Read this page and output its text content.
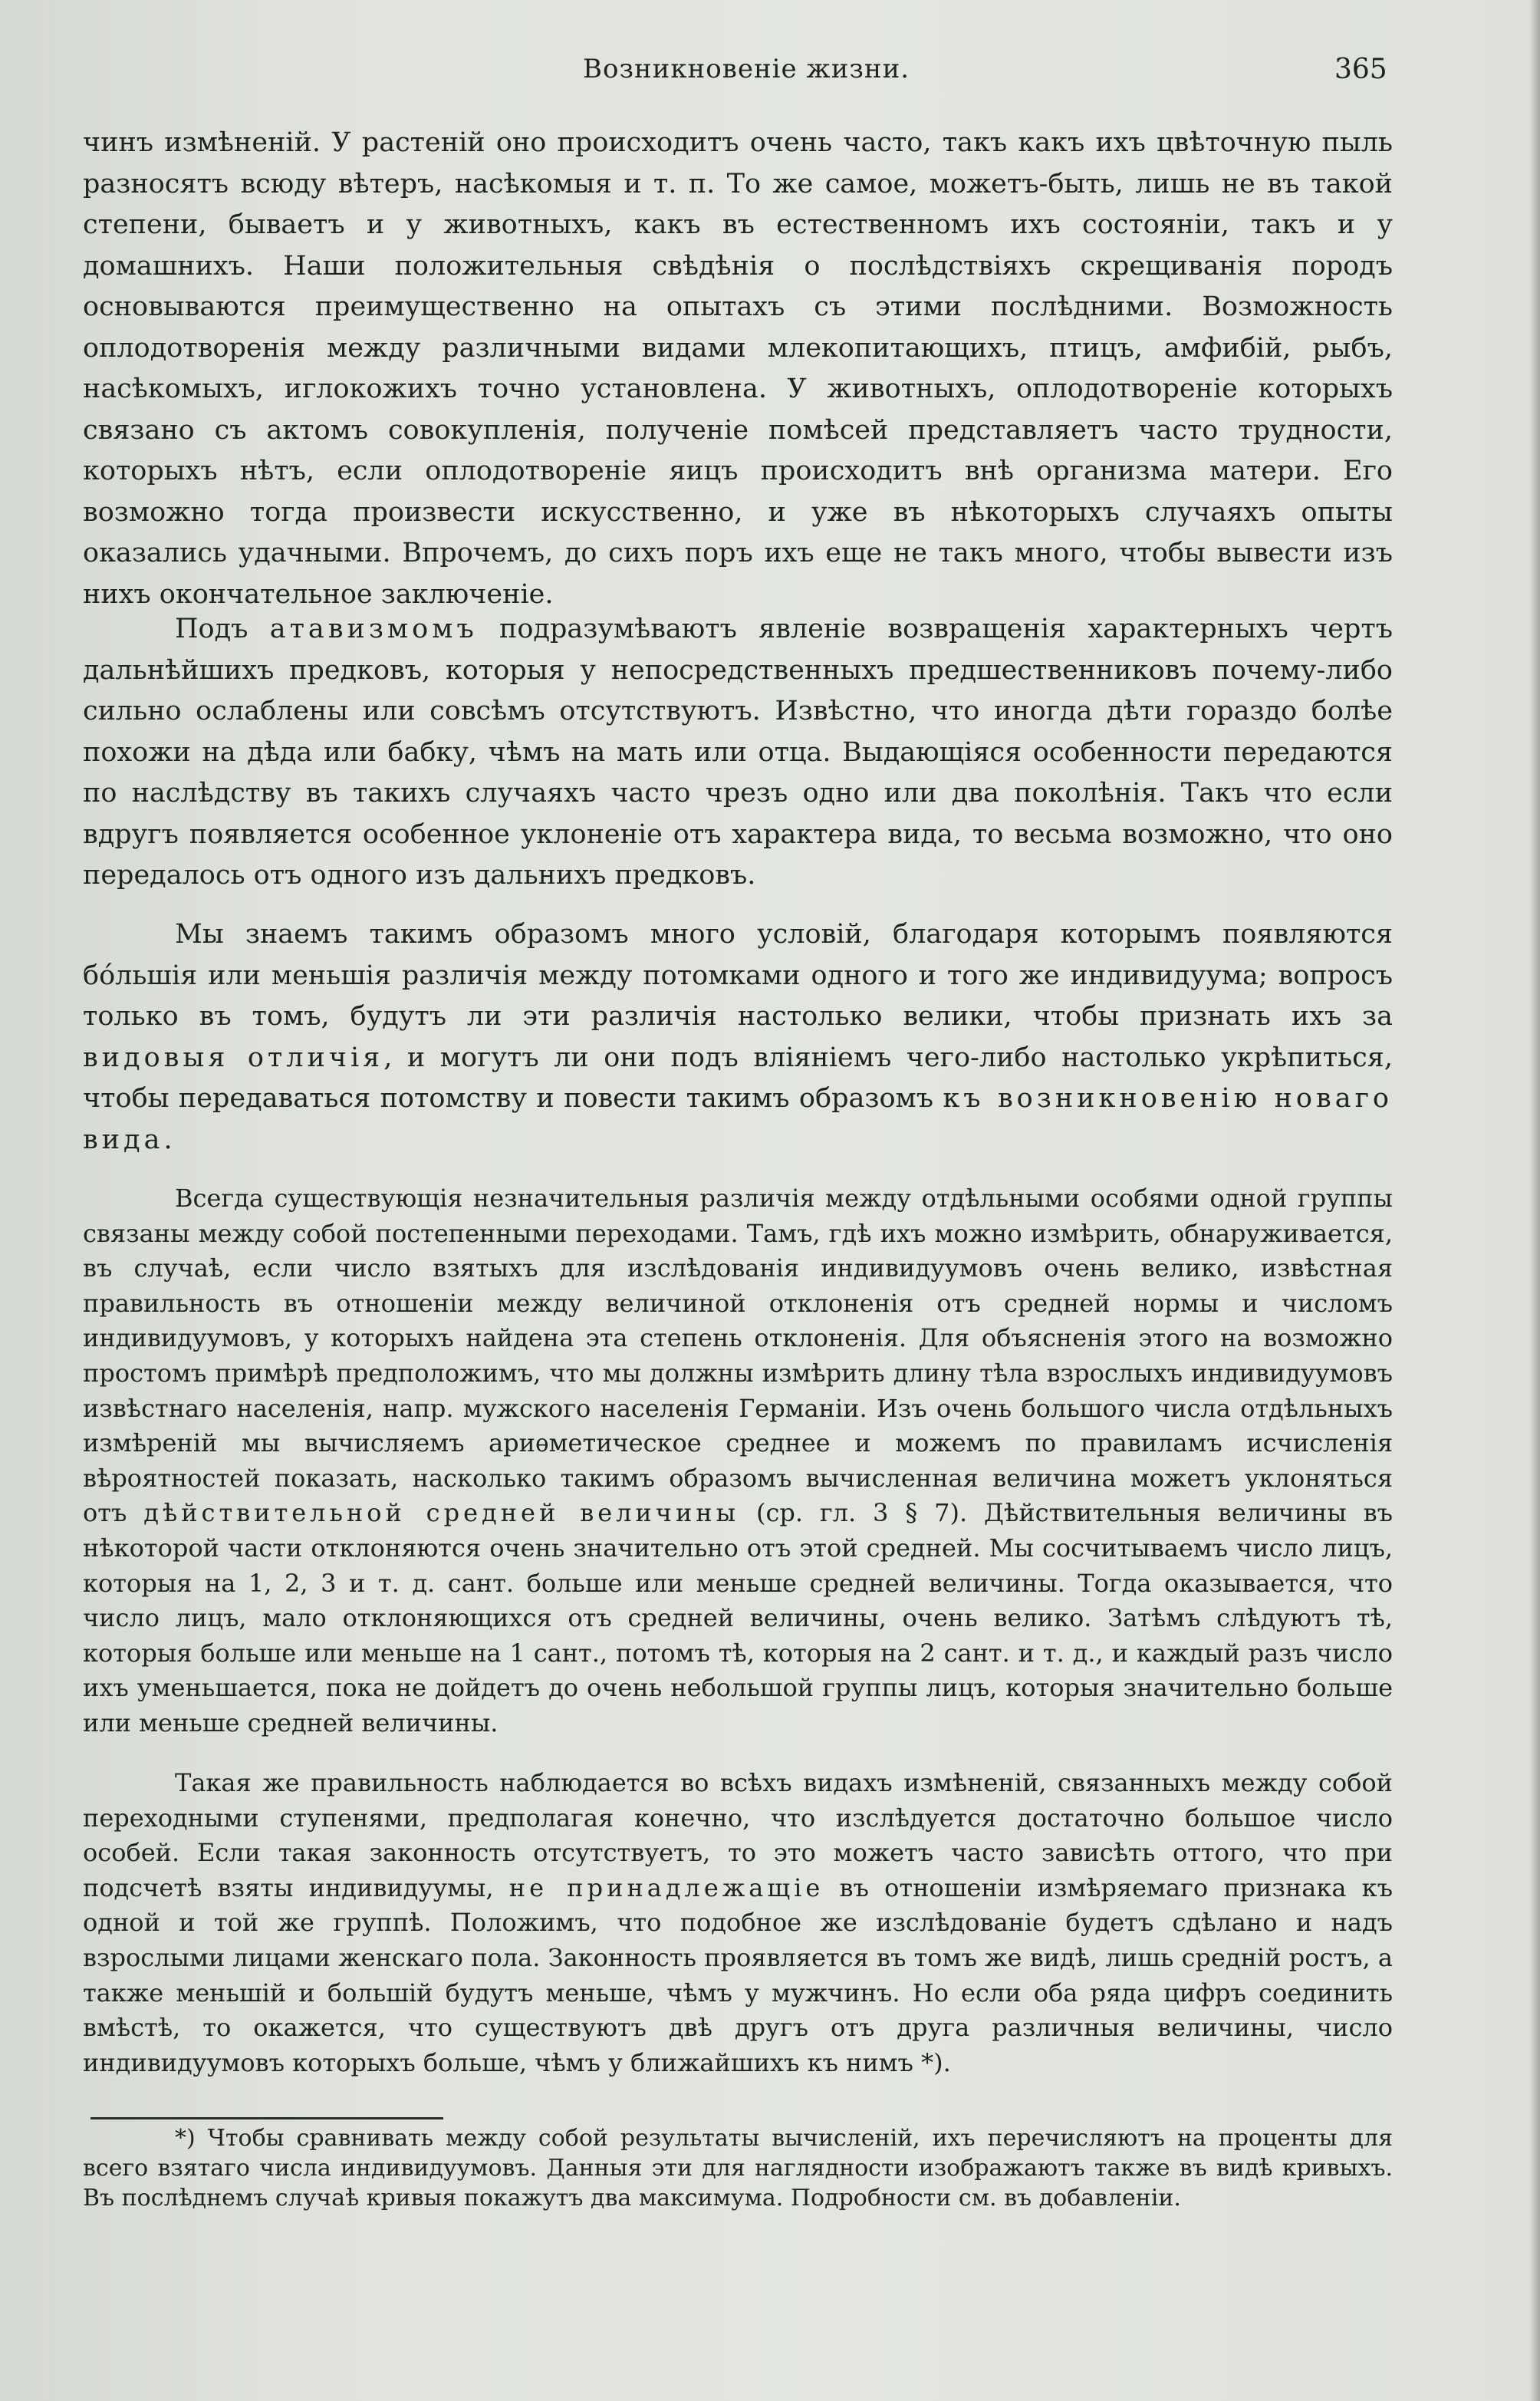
Возникновеніе жизни.	365

чинъ измѣненій. У растеній оно происходитъ очень часто, такъ какъ ихъ цвѣточную пыль разносятъ всюду вѣтеръ, насѣкомыя и т. п. То же самое, можетъ-быть, лишь не въ такой степени, бываетъ и у животныхъ, какъ въ естественномъ ихъ состояніи, такъ и у домашнихъ. Наши положительныя свѣдѣнія о послѣдствіяхъ скрещиванія породъ основываются преимущественно на опытахъ съ этими послѣдними. Возможность оплодотворенія между различными видами млекопитающихъ, птицъ, амфибій, рыбъ, насѣкомыхъ, иглокожихъ точно установлена. У животныхъ, оплодотвореніе которыхъ связано съ актомъ совокупленія, полученіе помѣсей представляетъ часто трудности, которыхъ нѣтъ, если оплодотвореніе яицъ происходитъ внѣ организма матери. Его возможно тогда произвести искусственно, и уже въ нѣкоторыхъ случаяхъ опыты оказались удачными. Впрочемъ, до сихъ поръ ихъ еще не такъ много, чтобы вывести изъ нихъ окончательное заключеніе.

Подъ атавизмомъ подразумѣваютъ явленіе возвращенія характерныхъ чертъ дальнѣйшихъ предковъ, которыя у непосредственныхъ предшественниковъ почему-либо сильно ослаблены или совсѣмъ отсутствуютъ. Извѣстно, что иногда дѣти гораздо болѣе похожи на дѣда или бабку, чѣмъ на мать или отца. Выдающіяся особенности передаются по наслѣдству въ такихъ случаяхъ часто чрезъ одно или два поколѣнія. Такъ что если вдругъ появляется особенное уклоненіе отъ характера вида, то весьма возможно, что оно передалось отъ одного изъ дальнихъ предковъ.

Мы знаемъ такимъ образомъ много условій, благодаря которымъ появляются бóльшія или меньшія различія между потомками одного и того же индивидуума; вопросъ только въ томъ, будутъ ли эти различія настолько велики, чтобы признать ихъ за видовыя отличія, и могутъ ли они подъ вліяніемъ чего-либо настолько укрѣпиться, чтобы передаваться потомству и повести такимъ образомъ къ возникновенію новаго вида.

Всегда существующія незначительныя различія между отдѣльными особями одной группы связаны между собой постепенными переходами. Тамъ, гдѣ ихъ можно измѣрить, обнаруживается, въ случаѣ, если число взятыхъ для изслѣдованія индивидуумовъ очень велико, извѣстная правильность въ отношеніи между величиной отклоненія отъ средней нормы и числомъ индивидуумовъ, у которыхъ найдена эта степень отклоненія. Для объясненія этого на возможно простомъ примѣрѣ предположимъ, что мы должны измѣрить длину тѣла взрослыхъ индивидуумовъ извѣстнаго населенія, напр. мужского населенія Германіи. Изъ очень большого числа отдѣльныхъ измѣреній мы вычисляемъ ариѳметическое среднее и можемъ по правиламъ исчисленія вѣроятностей показать, насколько такимъ образомъ вычисленная величина можетъ уклоняться отъ дѣйствительной средней величины (ср. гл. 3 § 7). Дѣйствительныя величины въ нѣкоторой части отклоняются очень значительно отъ этой средней. Мы сосчитываемъ число лицъ, которыя на 1, 2, 3 и т. д. сант. больше или меньше средней величины. Тогда оказывается, что число лицъ, мало отклоняющихся отъ средней величины, очень велико. Затѣмъ слѣдуютъ тѣ, которыя больше или меньше на 1 сант., потомъ тѣ, которыя на 2 сант. и т. д., и каждый разъ число ихъ уменьшается, пока не дойдетъ до очень небольшой группы лицъ, которыя значительно больше или меньше средней величины.

Такая же правильность наблюдается во всѣхъ видахъ измѣненій, связанныхъ между собой переходными ступенями, предполагая конечно, что изслѣдуется достаточно большое число особей. Если такая законность отсутствуетъ, то это можетъ часто зависѣть оттого, что при подсчетѣ взяты индивидуумы, не принадлежащіе въ отношеніи измѣряемаго признака къ одной и той же группѣ. Положимъ, что подобное же изслѣдованіе будетъ сдѣлано и надъ взрослыми лицами женскаго пола. Законность проявляется въ томъ же видѣ, лишь средній ростъ, а также меньшій и большій будутъ меньше, чѣмъ у мужчинъ. Но если оба ряда цифръ соединить вмѣстѣ, то окажется, что существуютъ двѣ другъ отъ друга различныя величины, число индивидуумовъ которыхъ больше, чѣмъ у ближайшихъ къ нимъ *).

*) Чтобы сравнивать между собой результаты вычисленій, ихъ перечисляютъ на проценты для всего взятаго числа индивидуумовъ. Данныя эти для наглядности изображаютъ также въ видѣ кривыхъ. Въ послѣднемъ случаѣ кривыя покажутъ два максимума. Подробности см. въ добавленіи.
